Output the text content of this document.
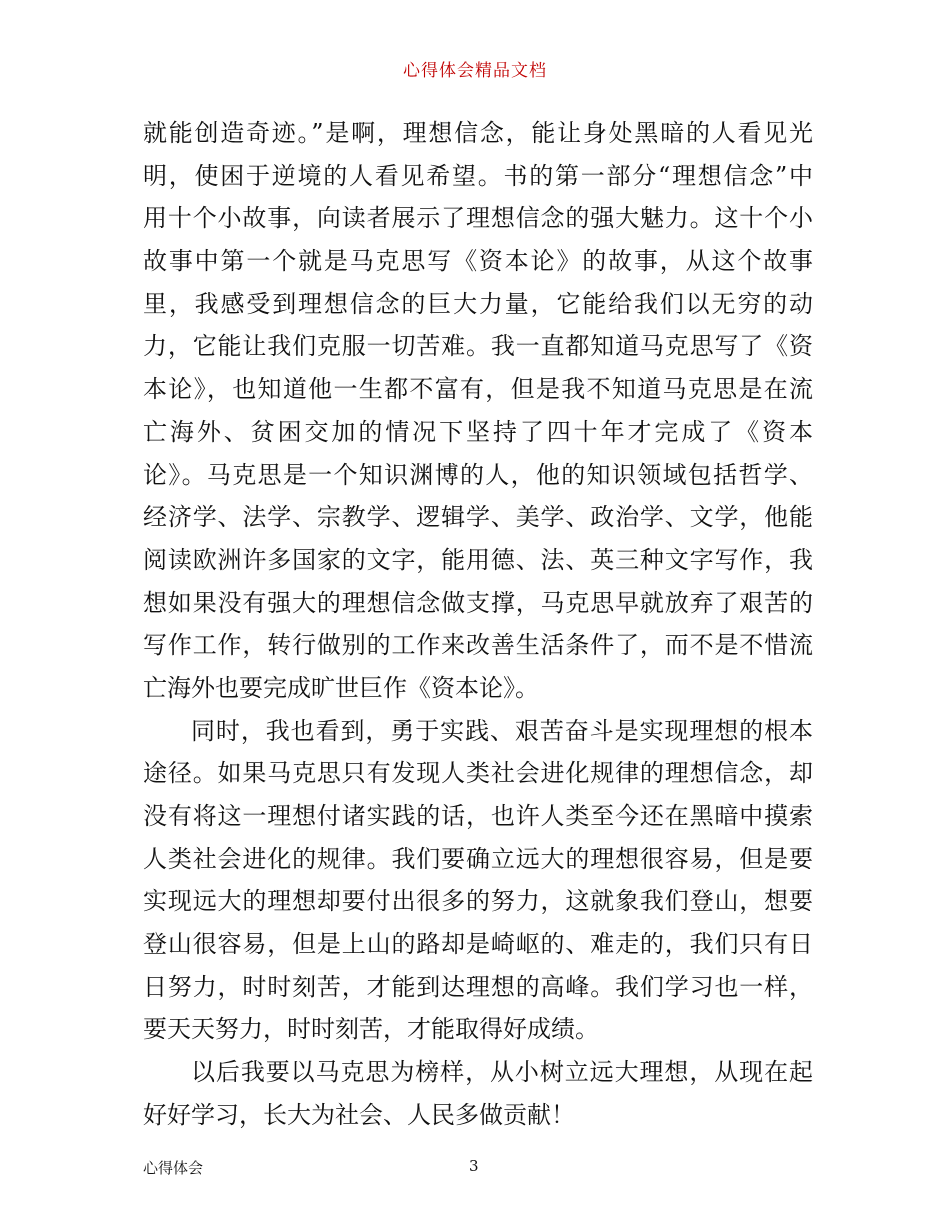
心得体会精品文档
就能创造奇迹。”是啊，理想信念，能让身处黑暗的人看见光
明，使困于逆境的人看见希望。书的第一部分“理想信念”中
用十个小故事，向读者展示了理想信念的强大魅力。这十个小
故事中第一个就是马克思写《资本论》的故事，从这个故事
里，我感受到理想信念的巨大力量，它能给我们以无穷的动
力，它能让我们克服一切苦难。我一直都知道马克思写了《资
本论》，也知道他一生都不富有，但是我不知道马克思是在流
亡海外、贫困交加的情况下坚持了四十年才完成了《资本
论》。马克思是一个知识渊博的人，他的知识领域包括哲学、
经济学、法学、宗教学、逻辑学、美学、政治学、文学，他能
阅读欧洲许多国家的文字，能用德、法、英三种文字写作，我
想如果没有强大的理想信念做支撑，马克思早就放弃了艰苦的
写作工作，转行做别的工作来改善生活条件了，而不是不惜流
亡海外也要完成旷世巨作《资本论》。
同时，我也看到，勇于实践、艰苦奋斗是实现理想的根本
途径。如果马克思只有发现人类社会进化规律的理想信念，却
没有将这一理想付诸实践的话，也许人类至今还在黑暗中摸索
人类社会进化的规律。我们要确立远大的理想很容易，但是要
实现远大的理想却要付出很多的努力，这就象我们登山，想要
登山很容易，但是上山的路却是崎岖的、难走的，我们只有日
日努力，时时刻苦，才能到达理想的高峰。我们学习也一样，
要天天努力，时时刻苦，才能取得好成绩。
以后我要以马克思为榜样，从小树立远大理想，从现在起
好好学习，长大为社会、人民多做贡献！
心得体会	3
